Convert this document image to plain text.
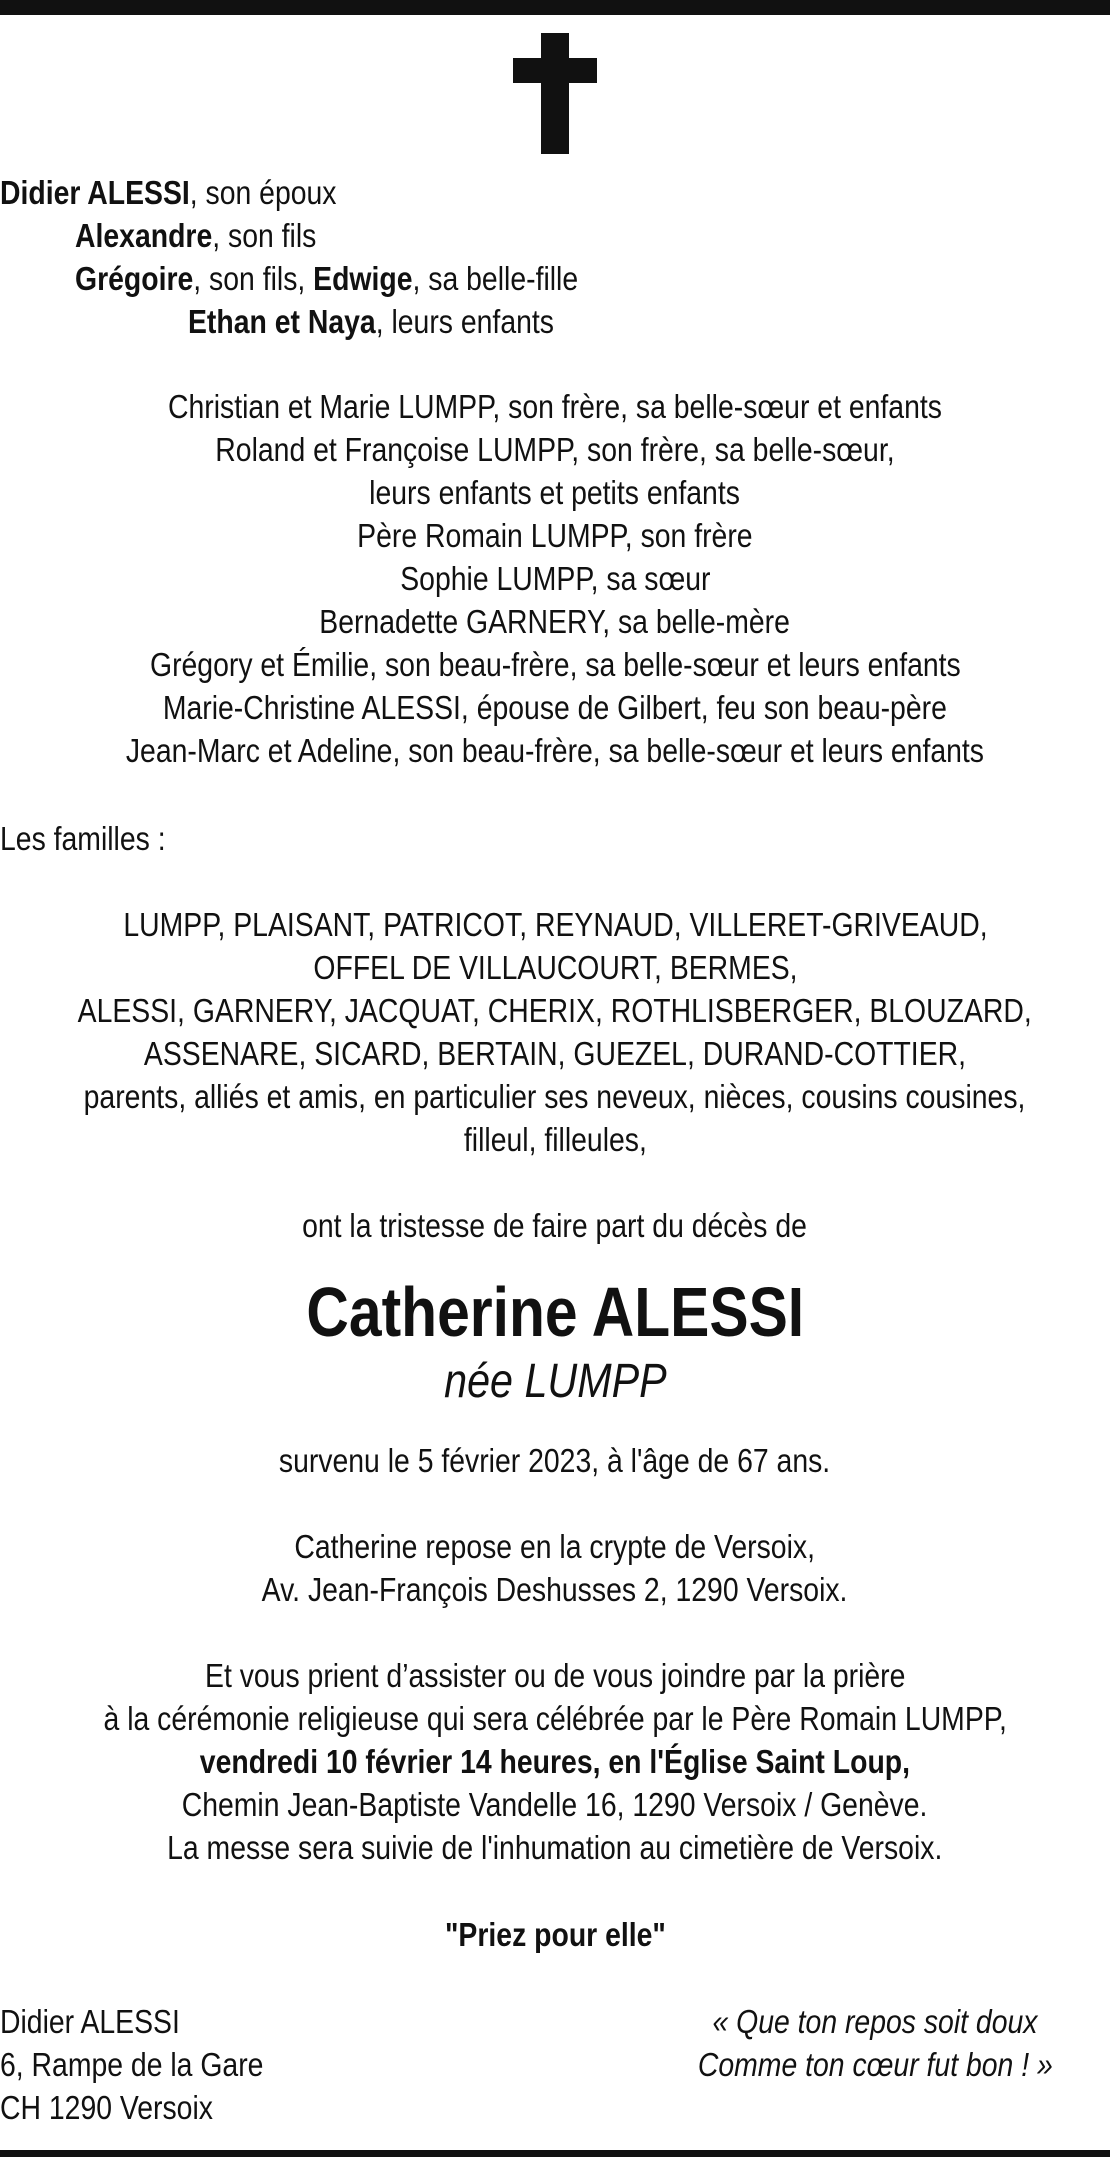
Didier ALESSI, son époux
Alexandre, son fils
Grégoire, son fils, Edwige, sa belle-fille
Ethan et Naya, leurs enfants
Christian et Marie LUMPP, son frère, sa belle-sœur et enfants
Roland et Françoise LUMPP, son frère, sa belle-sœur,
leurs enfants et petits enfants
Père Romain LUMPP, son frère
Sophie LUMPP, sa sœur
Bernadette GARNERY, sa belle-mère
Grégory et Émilie, son beau-frère, sa belle-sœur et leurs enfants
Marie-Christine ALESSI, épouse de Gilbert, feu son beau-père
Jean-Marc et Adeline, son beau-frère, sa belle-sœur et leurs enfants
Les familles :
LUMPP, PLAISANT, PATRICOT, REYNAUD, VILLERET-GRIVEAUD,
OFFEL DE VILLAUCOURT, BERMES,
ALESSI, GARNERY, JACQUAT, CHERIX, ROTHLISBERGER, BLOUZARD,
ASSENARE, SICARD, BERTAIN, GUEZEL, DURAND-COTTIER,
parents, alliés et amis, en particulier ses neveux, nièces, cousins cousines,
filleul, filleules,
ont la tristesse de faire part du décès de
Catherine ALESSI
née LUMPP
survenu le 5 février 2023, à l'âge de 67 ans.
Catherine repose en la crypte de Versoix,
Av. Jean-François Deshusses 2, 1290 Versoix.
Et vous prient d’assister ou de vous joindre par la prière
à la cérémonie religieuse qui sera célébrée par le Père Romain LUMPP,
vendredi 10 février 14 heures, en l'Église Saint Loup,
Chemin Jean-Baptiste Vandelle 16, 1290 Versoix / Genève.
La messe sera suivie de l'inhumation au cimetière de Versoix.
"Priez pour elle"
Didier ALESSI
6, Rampe de la Gare
CH 1290 Versoix
« Que ton repos soit doux
Comme ton cœur fut bon ! »
